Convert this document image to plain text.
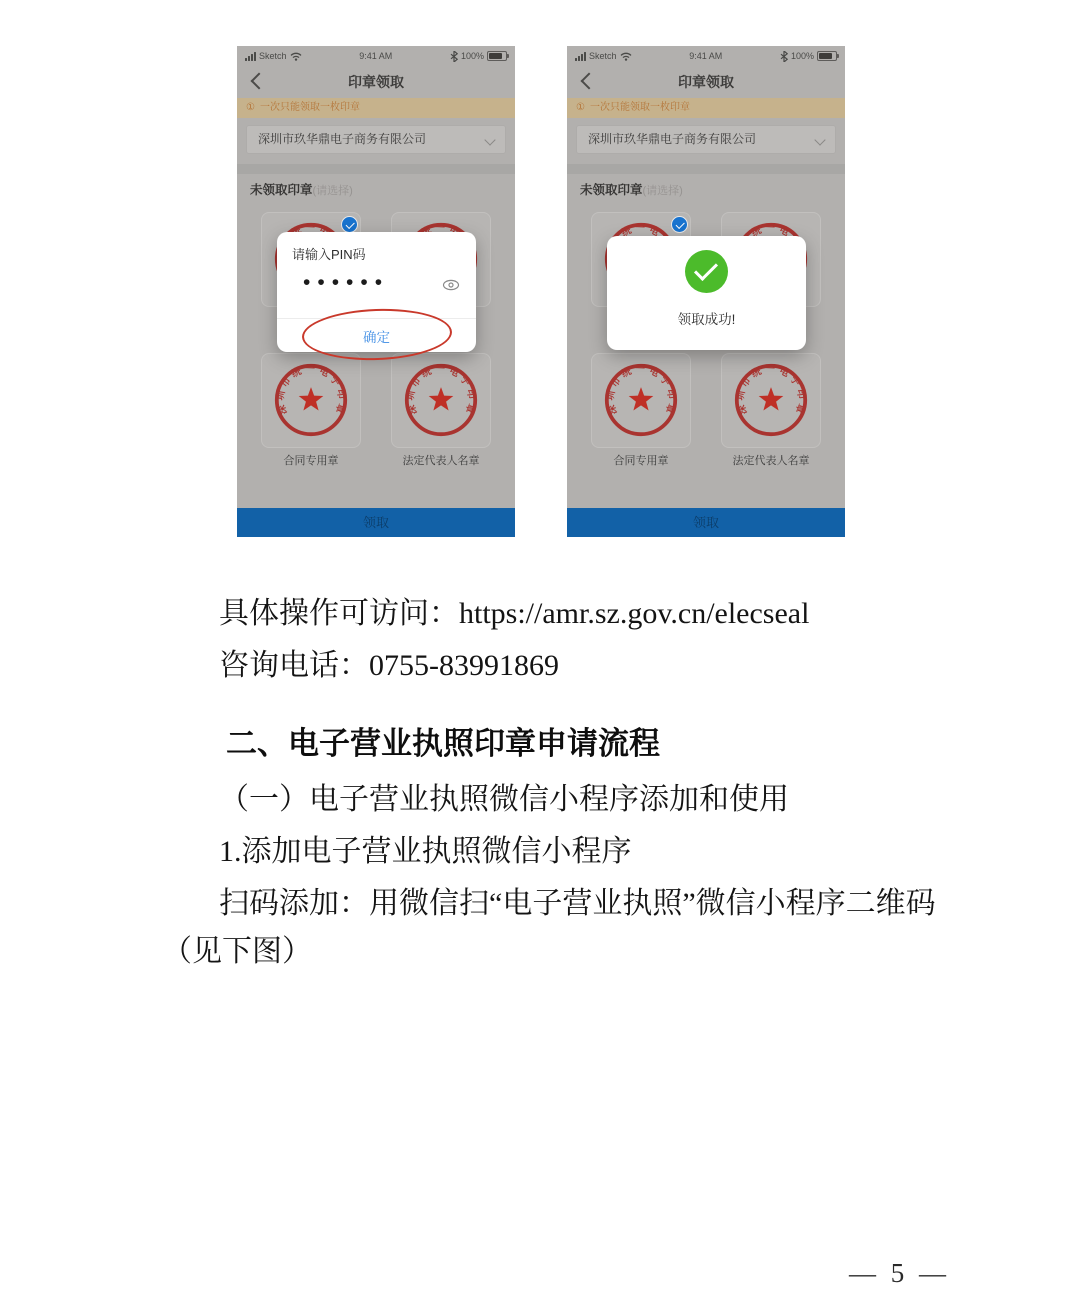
Sketch	9:41 AM	100%
印章领取
① 一次只能领取一枚印章
深圳市玖华鼎电子商务有限公司
未领取印章(请选择)
合同专用章	法定代表人名章
请输入PIN码
••••••
确定
领取
Sketch	9:41 AM	100%
印章领取
① 一次只能领取一枚印章
深圳市玖华鼎电子商务有限公司
未领取印章(请选择)
合同专用章	法定代表人名章
领取成功!
领取
具体操作可访问：https://amr.sz.gov.cn/elecseal
咨询电话：0755-83991869
二、电子营业执照印章申请流程
（一）电子营业执照微信小程序添加和使用
1.添加电子营业执照微信小程序
扫码添加：用微信扫“电子营业执照”微信小程序二维码
（见下图）
— 5 —
